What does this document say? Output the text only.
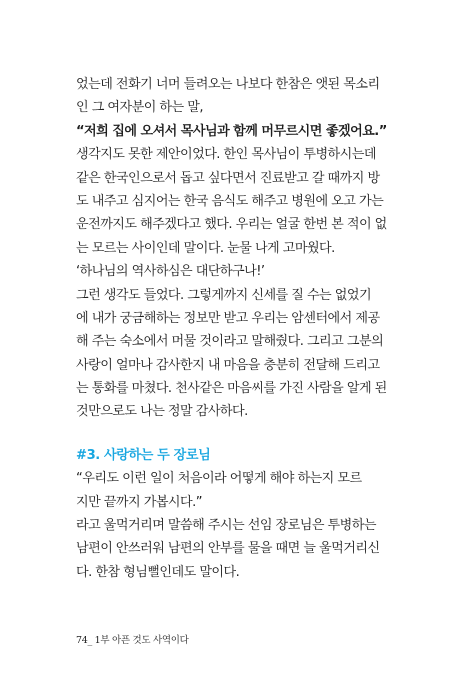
었는데 전화기 너머 들려오는 나보다 한참은 앳된 목소리
인 그 여자분이 하는 말,
“저희 집에 오셔서 목사님과 함께 머무르시면 좋겠어요.”
생각지도 못한 제안이었다. 한인 목사님이 투병하시는데
같은 한국인으로서 돕고 싶다면서 진료받고 갈 때까지 방
도 내주고 심지어는 한국 음식도 해주고 병원에 오고 가는
운전까지도 해주겠다고 했다. 우리는 얼굴 한번 본 적이 없
는 모르는 사이인데 말이다. 눈물 나게 고마웠다.
‘하나님의 역사하심은 대단하구나!’
그런 생각도 들었다. 그렇게까지 신세를 질 수는 없었기
에 내가 궁금해하는 정보만 받고 우리는 암센터에서 제공
해 주는 숙소에서 머물 것이라고 말해줬다. 그리고 그분의
사랑이 얼마나 감사한지 내 마음을 충분히 전달해 드리고
는 통화를 마쳤다. 천사같은 마음씨를 가진 사람을 알게 된
것만으로도 나는 정말 감사하다.
#3. 사랑하는 두 장로님
“우리도 이런 일이 처음이라 어떻게 해야 하는지 모르
지만 끝까지 가봅시다.”
라고 울먹거리며 말씀해 주시는 선임 장로님은 투병하는
남편이 안쓰러워 남편의 안부를 물을 때면 늘 울먹거리신
다. 한참 형님뻘인데도 말이다.
74_ 1부 아픈 것도 사역이다
